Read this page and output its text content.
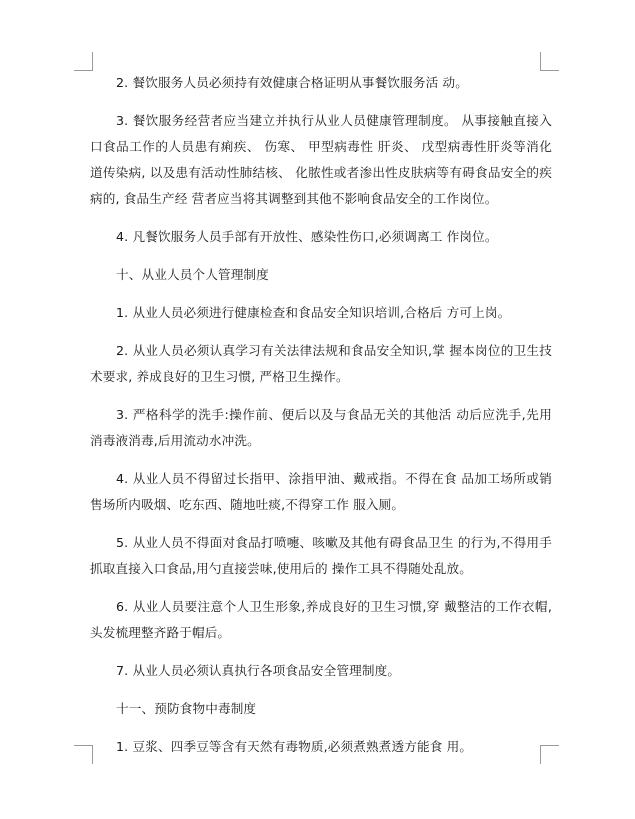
2. 餐饮服务人员必须持有效健康合格证明从事餐饮服务活 动。

3. 餐饮服务经营者应当建立并执行从业人员健康管理制度。 从事接触直接入口食品工作的人员患有痢疾、 伤寒、 甲型病毒性 肝炎、 戊型病毒性肝炎等消化道传染病, 以及患有活动性肺结核、 化脓性或者渗出性皮肤病等有碍食品安全的疾病的, 食品生产经 营者应当将其调整到其他不影响食品安全的工作岗位。

4. 凡餐饮服务人员手部有开放性、感染性伤口,必须调离工 作岗位。

十、从业人员个人管理制度

1. 从业人员必须进行健康检查和食品安全知识培训,合格后 方可上岗。

2. 从业人员必须认真学习有关法律法规和食品安全知识,掌 握本岗位的卫生技术要求, 养成良好的卫生习惯, 严格卫生操作。

3. 严格科学的洗手:操作前、便后以及与食品无关的其他活 动后应洗手,先用消毒液消毒,后用流动水冲洗。

4. 从业人员不得留过长指甲、涂指甲油、戴戒指。不得在食 品加工场所或销售场所内吸烟、吃东西、随地吐痰,不得穿工作 服入厕。

5. 从业人员不得面对食品打喷嚏、咳嗽及其他有碍食品卫生 的行为,不得用手抓取直接入口食品,用勺直接尝味,使用后的 操作工具不得随处乱放。

6. 从业人员要注意个人卫生形象,养成良好的卫生习惯,穿 戴整洁的工作衣帽,头发梳理整齐路于帽后。

7. 从业人员必须认真执行各项食品安全管理制度。

十一、预防食物中毒制度

1. 豆浆、四季豆等含有天然有毒物质,必须煮熟煮透方能食 用。
